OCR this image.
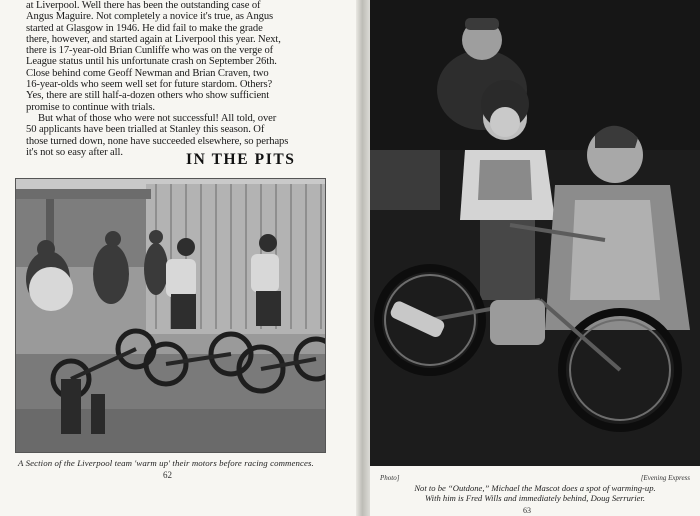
at Liverpool. Well there has been the outstanding case of
Angus Maguire. Not completely a novice it's true, as Angus
started at Glasgow in 1946. He did fail to make the grade
there, however, and started again at Liverpool this year. Next,
there is 17-year-old Brian Cunliffe who was on the verge of
League status until his unfortunate crash on September 26th.
Close behind come Geoff Newman and Brian Craven, two
16-year-olds who seem well set for future stardom. Others?
Yes, there are still half-a-dozen others who show sufficient
promise to continue with trials.

But what of those who were not successful! All told, over
50 applicants have been trialled at Stanley this season. Of
those turned down, none have succeeded elsewhere, so perhaps
it's not so easy after all.	IN THE PITS
A Section of the Liverpool team 'warm up' their motors before racing commences.
62	Photo]	[Evening Express
Not to be “Outdone,” Michael the Mascot does a spot of warming-up.
With him is Fred Wills and immediately behind, Doug Serrurier.
63
